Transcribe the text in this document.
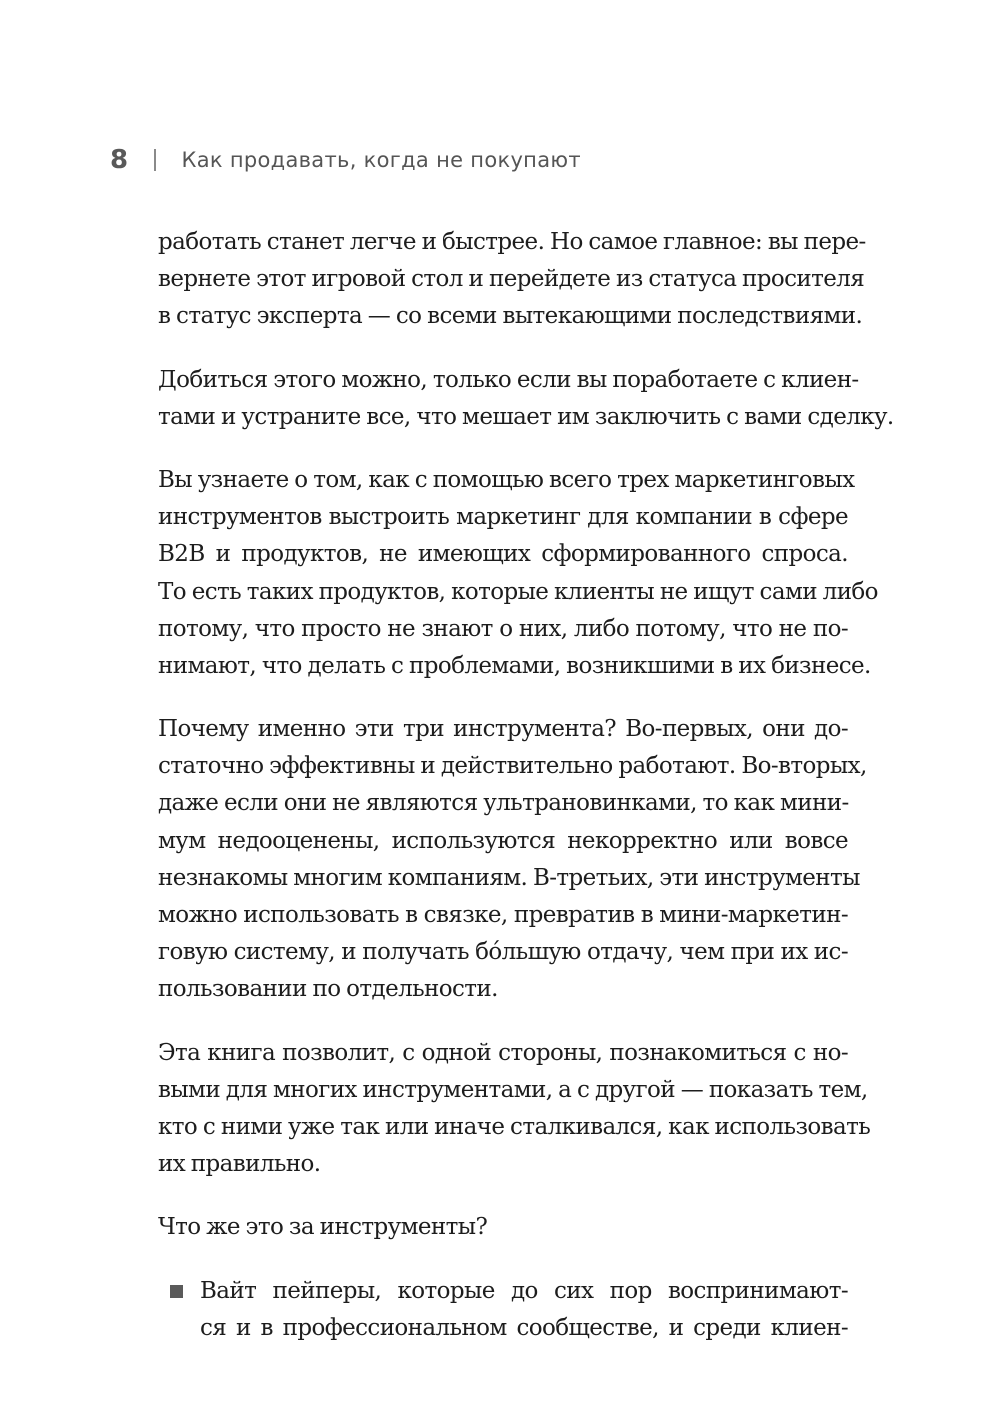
8	Как продавать, когда не покупают
работать станет легче и быстрее. Но самое главное: вы пере-
вернете этот игровой стол и перейдете из статуса просителя
в статус эксперта — со всеми вытекающими последствиями.
Добиться этого можно, только если вы поработаете с клиен-
тами и устраните все, что мешает им заключить с вами сделку.
Вы узнаете о том, как с помощью всего трех маркетинговых
инструментов выстроить маркетинг для компании в сфере
B2B и продуктов, не имеющих сформированного спроса.
То есть таких продуктов, которые клиенты не ищут сами либо
потому, что просто не знают о них, либо потому, что не по-
нимают, что делать с проблемами, возникшими в их бизнесе.
Почему именно эти три инструмента? Во-первых, они до-
статочно эффективны и действительно работают. Во-вторых,
даже если они не являются ультрановинками, то как мини-
мум недооценены, используются некорректно или вовсе
незнакомы многим компаниям. В-третьих, эти инструменты
можно использовать в связке, превратив в мини-маркетин-
говую систему, и получать бóльшую отдачу, чем при их ис-
пользовании по отдельности.
Эта книга позволит, с одной стороны, познакомиться с но-
выми для многих инструментами, а с другой — показать тем,
кто с ними уже так или иначе сталкивался, как использовать
их правильно.
Что же это за инструменты?
Вайт пейперы, которые до сих пор воспринимают-
ся и в профессиональном сообществе, и среди клиен-
